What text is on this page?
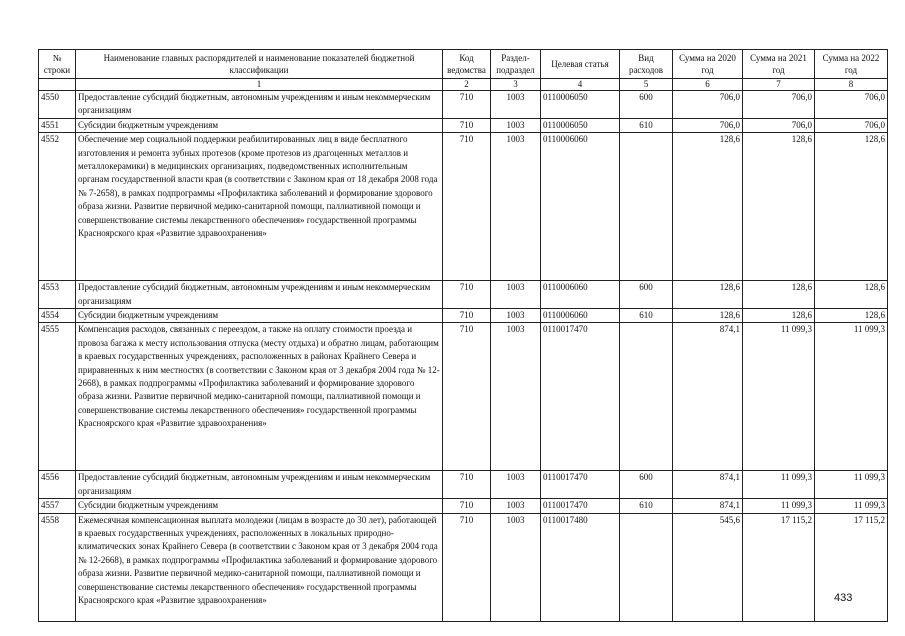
№ строки	Наименование главных распорядителей и наименование показателей бюджетной классификации	Код ведомства	Раздел-подраздел	Целевая статья	Вид расходов	Сумма на 2020 год	Сумма на 2021 год	Сумма на 2022 год
	1	2	3	4	5	6	7	8
4550	Предоставление субсидий бюджетным, автономным учреждениям и иным некоммерческим организациям	710	1003	0110006050	600	706,0	706,0	706,0
4551	Субсидии бюджетным учреждениям	710	1003	0110006050	610	706,0	706,0	706,0
4552	Обеспечение мер социальной поддержки реабилитированных лиц в виде бесплатного изготовления и ремонта зубных протезов (кроме протезов из драгоценных металлов и металлокерамики) в медицинских организациях, подведомственных исполнительным органам государственной власти края (в соответствии с Законом края от 18 декабря 2008 года № 7-2658), в рамках подпрограммы «Профилактика заболеваний и формирование здорового образа жизни. Развитие первичной медико-санитарной помощи, паллиативной помощи и совершенствование системы лекарственного обеспечения» государственной программы Красноярского края «Развитие здравоохранения»	710	1003	0110006060		128,6	128,6	128,6
4553	Предоставление субсидий бюджетным, автономным учреждениям и иным некоммерческим организациям	710	1003	0110006060	600	128,6	128,6	128,6
4554	Субсидии бюджетным учреждениям	710	1003	0110006060	610	128,6	128,6	128,6
4555	Компенсация расходов, связанных с переездом, а также на оплату стоимости проезда и провоза багажа к месту использования отпуска (месту отдыха) и обратно лицам, работающим в краевых государственных учреждениях, расположенных в районах Крайнего Севера и приравненных к ним местностях (в соответствии с Законом края от 3 декабря 2004 года № 12-2668), в рамках подпрограммы «Профилактика заболеваний и формирование здорового образа жизни. Развитие первичной медико-санитарной помощи, паллиативной помощи и совершенствование системы лекарственного обеспечения» государственной программы Красноярского края «Развитие здравоохранения»	710	1003	0110017470		874,1	11 099,3	11 099,3
4556	Предоставление субсидий бюджетным, автономным учреждениям и иным некоммерческим организациям	710	1003	0110017470	600	874,1	11 099,3	11 099,3
4557	Субсидии бюджетным учреждениям	710	1003	0110017470	610	874,1	11 099,3	11 099,3
4558	Ежемесячная компенсационная выплата молодежи (лицам в возрасте до 30 лет), работающей в краевых государственных учреждениях, расположенных в локальных природно-климатических зонах Крайнего Севера (в соответствии с Законом края от 3 декабря 2004 года № 12-2668), в рамках подпрограммы «Профилактика заболеваний и формирование здорового образа жизни. Развитие первичной медико-санитарной помощи, паллиативной помощи и совершенствование системы лекарственного обеспечения» государственной программы Красноярского края «Развитие здравоохранения»	710	1003	0110017480		545,6	17 115,2	17 115,2
433
